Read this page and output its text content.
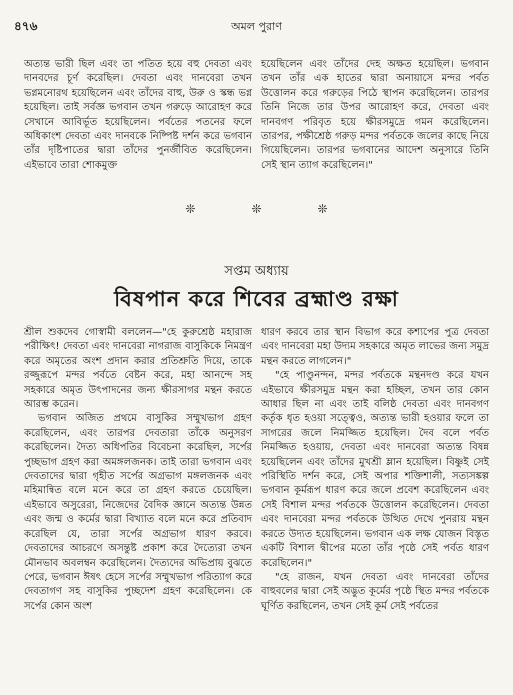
৪৭৬	অমল পুরাণ

অত্যন্ত ভারী ছিল এবং তা পতিত হয়ে বহু দেবতা এবং দানবদের চূর্ণ করেছিল। দেবতা এবং দানবেরা তখন ভগ্নমনোরথ হয়েছিলেন এবং তাঁদের বাহু, উরু ও স্কন্ধ ভগ্ন হয়েছিল। তাই সর্বজ্ঞ ভগবান তখন গরুড়ে আরোহণ করে সেখানে আবির্ভূত হয়েছিলেন। পর্বতের পতনের ফলে অধিকাংশ দেবতা এবং দানবকে নিষ্পিষ্ট দর্শন করে ভগবান তাঁর দৃষ্টিপাতের দ্বারা তাঁদের পুনর্জীবিত করেছিলেন। এইভাবে তারা শোকমুক্ত

হয়েছিলেন এবং তাঁদের দেহ অক্ষত হয়েছিল। ভগবান তখন তাঁর এক হাতের দ্বারা অনায়াসে মন্দর পর্বত উত্তোলন করে গরুড়ের পিঠে স্থাপন করেছিলেন। তারপর তিনি নিজে তার উপর আরোহণ করে, দেবতা এবং দানবগণ পরিবৃত হয়ে ক্ষীরসমুদ্রে গমন করেছিলেন। তারপর, পক্ষীশ্রেষ্ঠ গরুড় মন্দর পর্বতকে জলের কাছে নিয়ে গিয়েছিলেন। তারপর ভগবানের আদেশ অনুসারে তিনি সেই স্থান ত্যাগ করেছিলেন।"

❊	❊	❊
সপ্তম অধ্যায়
বিষপান করে শিবের ব্রহ্মাণ্ড রক্ষা

শ্রীল শুকদেব গোস্বামী বললেন—"হে কুরুশ্রেষ্ঠ মহারাজ পরীক্ষিৎ! দেবতা এবং দানবেরা নাগরাজ বাসুকিকে নিমন্ত্রণ করে অমৃতের অংশ প্রদান করার প্রতিশ্রুতি দিয়ে, তাকে রজ্জুরূপে মন্দর পর্বতে বেষ্টন করে, মহা আনন্দে সহ সহকারে অমৃত উৎপাদনের জন্য ক্ষীরসাগর মন্থন করতে আরম্ভ করেন।

ভগবান অজিত প্রথমে বাসুকির সম্মুখভাগ গ্রহণ করেছিলেন, এবং তারপর দেবতারা তাঁকে অনুসরণ করেছিলেন। দৈত্য অধিপতির বিবেচনা করেছিল, সর্পের পুচ্ছভাগ গ্রহণ করা অমঙ্গলজনক। তাই তারা ভগবান এবং দেবতাদের দ্বারা গৃহীত সর্পের অগ্রভাগ মঙ্গলজনক এবং মহিমান্বিত বলে মনে করে তা গ্রহণ করতে চেয়েছিল। এইভাবে অসুরেরা, নিজেদের বৈদিক জ্ঞানে অত্যন্ত উন্নত এবং জন্ম ও কর্মের দ্বারা বিখ্যাত বলে মনে করে প্রতিবাদ করেছিল যে, তারা সর্পের অগ্রভাগ ধারণ করবে। দেবতাদের আচরণে অসন্তুষ্ট প্রকাশ করে দৈত্যেরা তখন মৌনভাব অবলম্বন করেছিলেন। দৈত্যদের অভিপ্রায় বুঝতে পেরে, ভগবান ঈষৎ হেসে সর্পের সম্মুখভাগ পরিত্যাগ করে দেবতাগণ সহ বাসুকির পুচ্ছদেশ গ্রহণ করেছিলেন। কে সর্পের কোন অংশ

ধারণ করবে তার স্থান বিভাগ করে কশ্যপের পুত্র দেবতা এবং দানবেরা মহা উদ্যম সহকারে অমৃত লাভের জন্য সমুদ্র মন্থন করতে লাগলেন।"

"হে পাণ্ডুনন্দন, মন্দর পর্বতকে মন্থনদণ্ড করে যখন এইভাবে ক্ষীরসমুদ্র মন্থন করা হচ্ছিল, তখন তার কোন আধার ছিল না এবং তাই বলিষ্ঠ দেবতা এবং দানবগণ কর্তৃক ধৃত হওয়া সত্ত্বেও, অত্যন্ত ভারী হওয়ার ফলে তা সাগরের জলে নিমজ্জিত হয়েছিল। দৈব বলে পর্বত নিমজ্জিত হওয়ায়, দেবতা এবং দানবেরা অত্যন্ত বিষন্ন হয়েছিলেন এবং তাঁদের মুখশ্রী ম্লান হয়েছিল। বিষ্ণুই সেই পরিস্থিতি দর্শন করে, সেই অপার শক্তিশালী, সত্যসঙ্কল্প ভগবান কূর্মরূপ ধারণ করে জলে প্রবেশ করেছিলেন এবং সেই বিশাল মন্দর পর্বতকে উত্তোলন করেছিলেন। দেবতা এবং দানবেরা মন্দর পর্বতকে উত্থিত দেখে পুনরায় মন্থন করতে উদ্যত হয়েছিলেন। ভগবান এক লক্ষ যোজন বিস্তৃত একটি বিশাল দ্বীপের মতো তাঁর পৃষ্ঠে সেই পর্বত ধারণ করেছিলেন।"

"হে রাজন, যখন দেবতা এবং দানবেরা তাঁদের বাহুবলের দ্বারা সেই অদ্ভুত কূর্মের পৃষ্ঠে স্থিত মন্দর পর্বতকে ঘূর্ণিত করছিলেন, তখন সেই কূর্ম সেই পর্বতের
